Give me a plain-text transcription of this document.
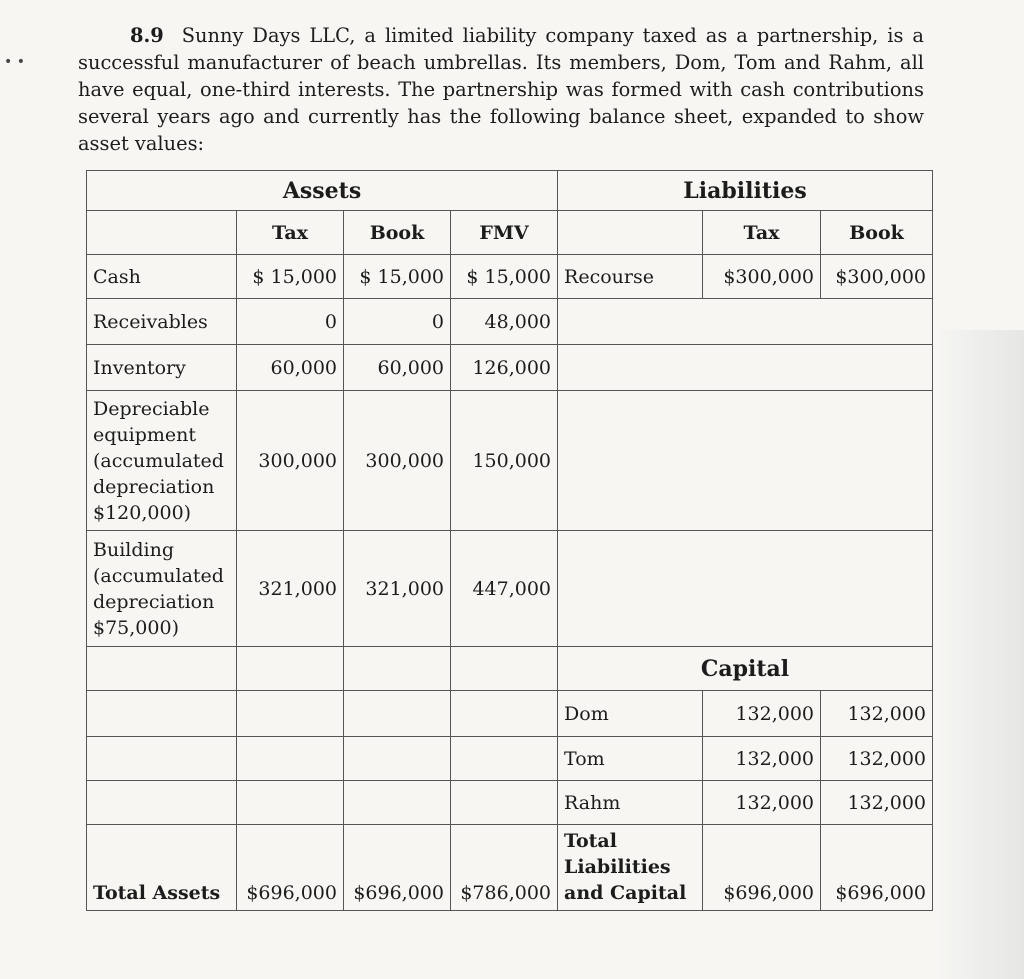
• •

8.9 Sunny Days LLC, a limited liability company taxed as a partnership, is a successful manufacturer of beach umbrellas. Its members, Dom, Tom and Rahm, all have equal, one-third interests. The partnership was formed with cash contributions several years ago and currently has the following balance sheet, expanded to show asset values:

Assets				Liabilities		
	Tax	Book	FMV		Tax	Book
Cash	$ 15,000	$ 15,000	$ 15,000	Recourse	$300,000	$300,000
Receivables	0	0	48,000			
Inventory	60,000	60,000	126,000			
Depreciable equipment (accumulated depreciation $120,000)	300,000	300,000	150,000			
Building (accumulated depreciation $75,000)	321,000	321,000	447,000			
				Capital		
				Dom	132,000	132,000
				Tom	132,000	132,000
				Rahm	132,000	132,000
Total Assets	$696,000	$696,000	$786,000	Total Liabilities and Capital	$696,000	$696,000
